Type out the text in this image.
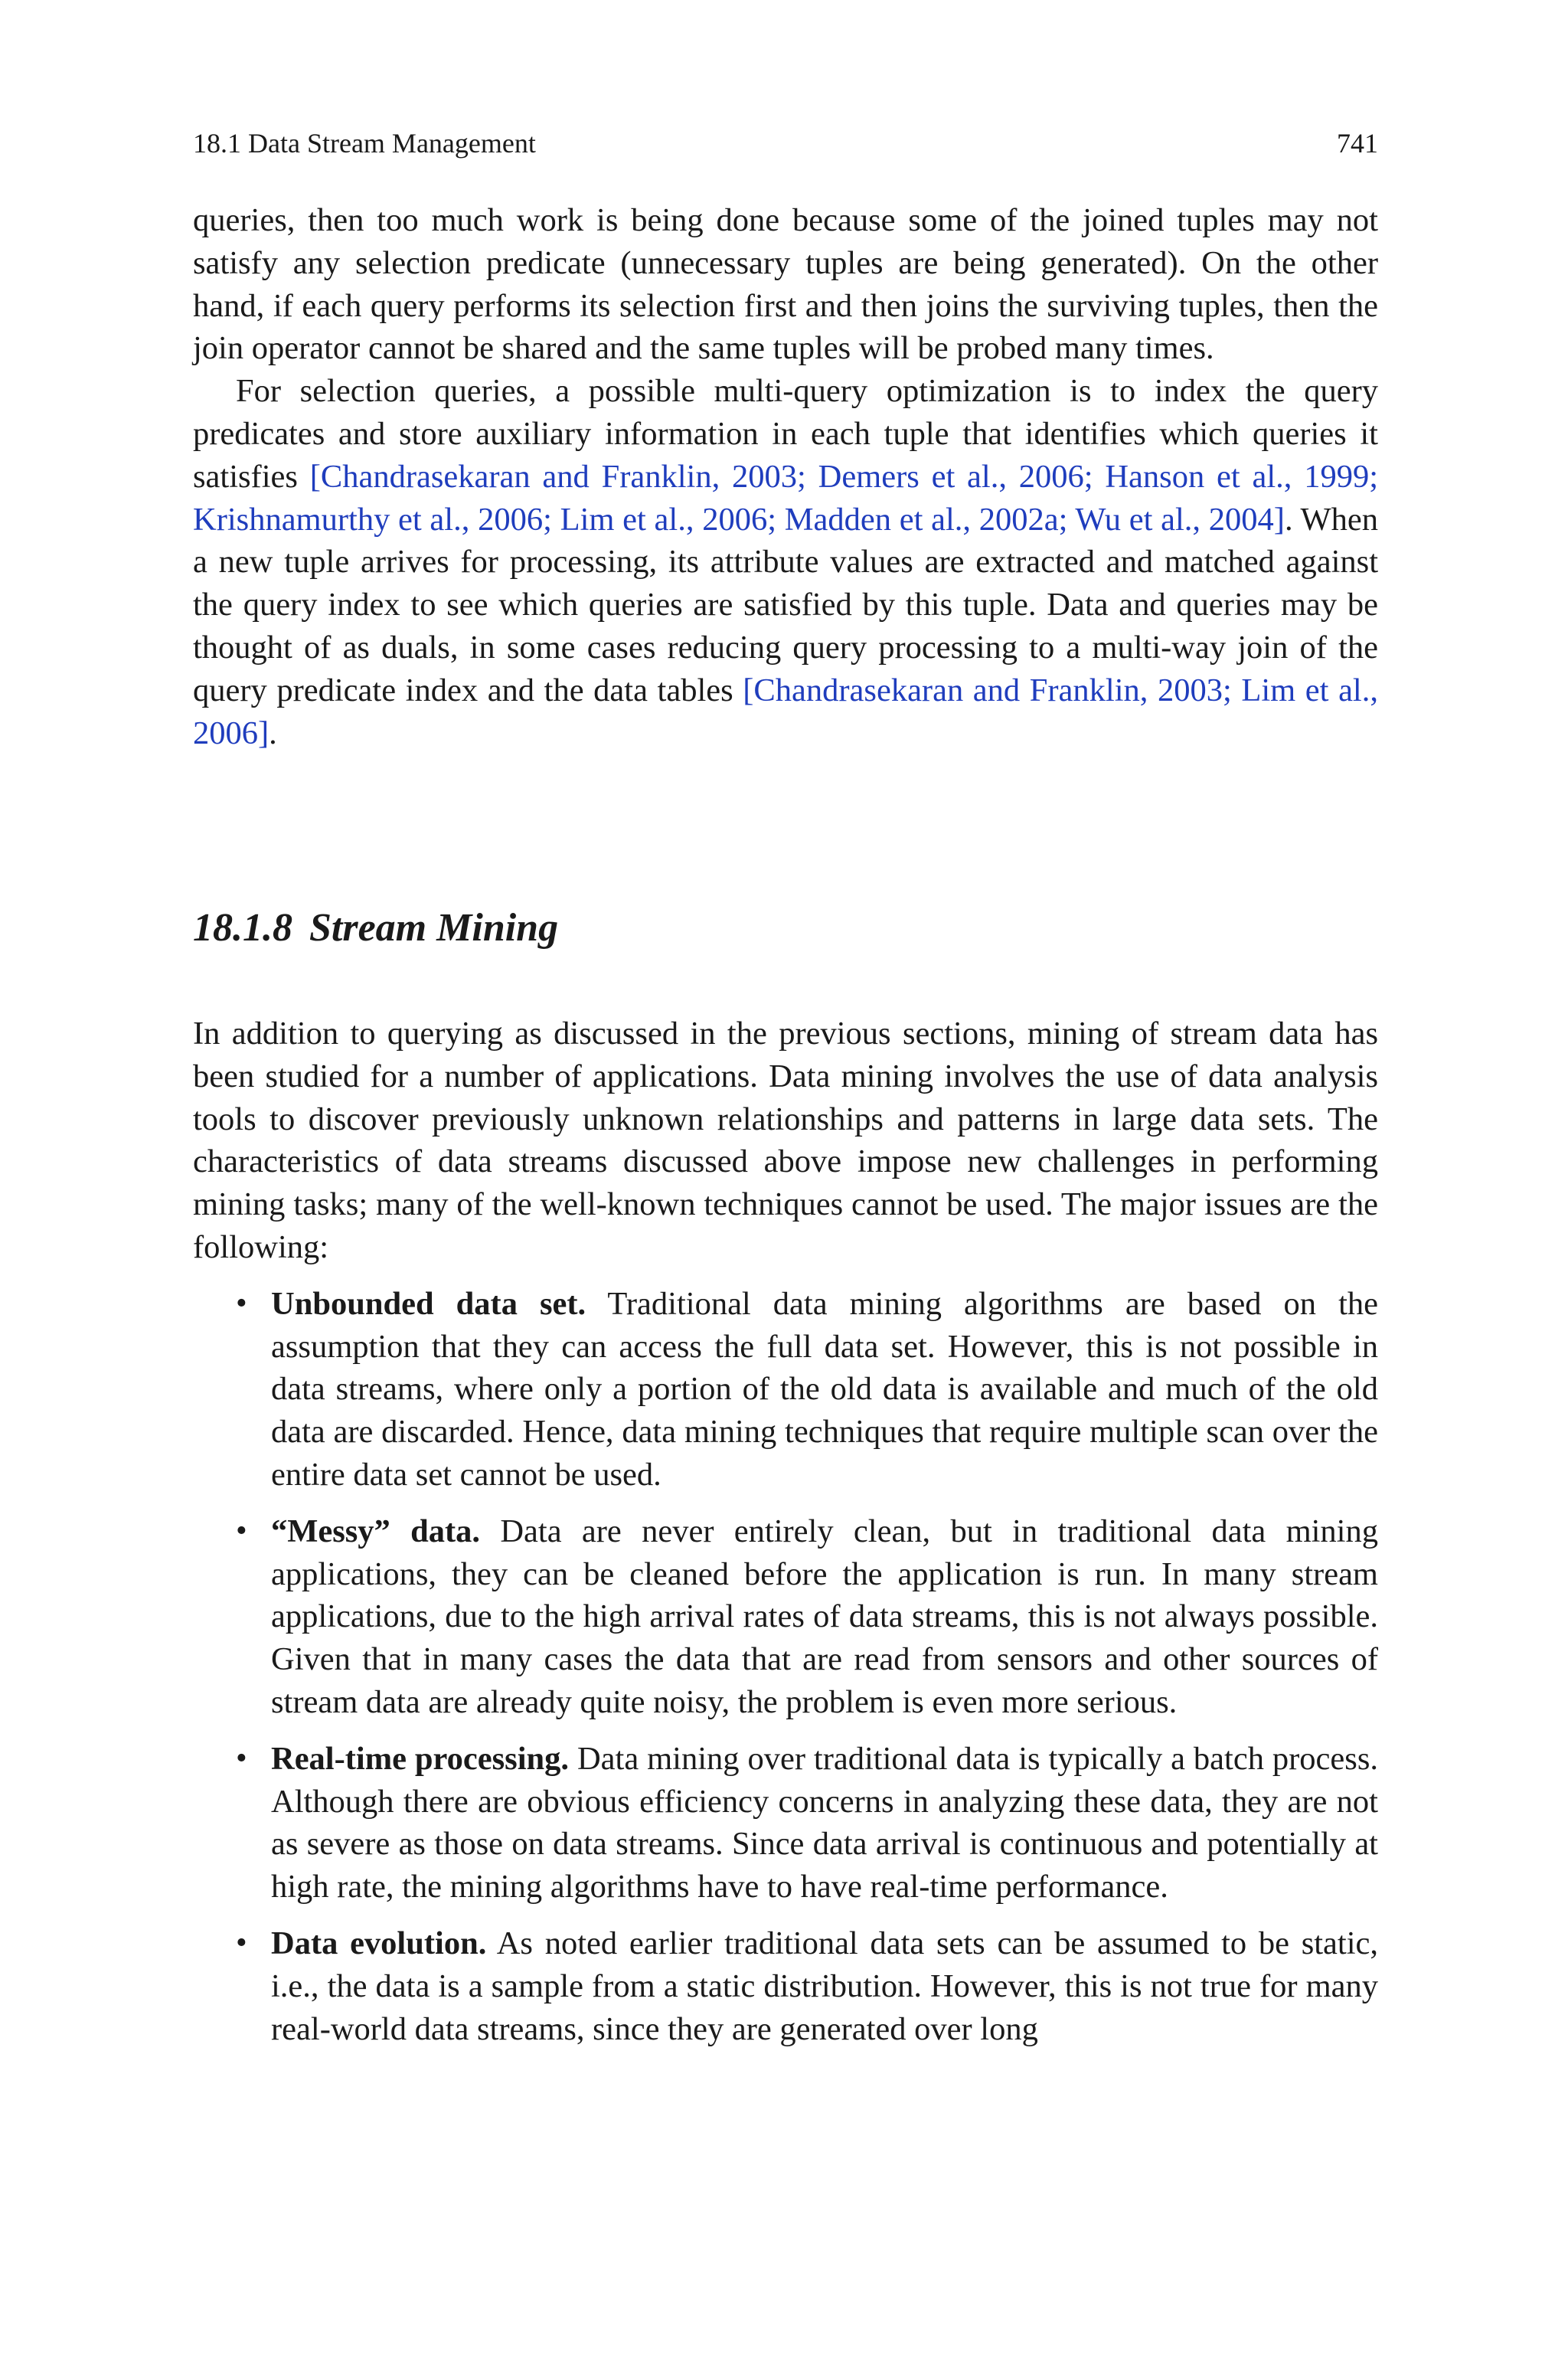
18.1 Data Stream Management	741

queries, then too much work is being done because some of the joined tuples may not satisfy any selection predicate (unnecessary tuples are being generated). On the other hand, if each query performs its selection first and then joins the surviving tuples, then the join operator cannot be shared and the same tuples will be probed many times.

For selection queries, a possible multi-query optimization is to index the query predicates and store auxiliary information in each tuple that identifies which queries it satisfies [Chandrasekaran and Franklin, 2003; Demers et al., 2006; Hanson et al., 1999; Krishnamurthy et al., 2006; Lim et al., 2006; Madden et al., 2002a; Wu et al., 2004]. When a new tuple arrives for processing, its attribute values are extracted and matched against the query index to see which queries are satisfied by this tuple. Data and queries may be thought of as duals, in some cases reducing query processing to a multi-way join of the query predicate index and the data tables [Chandrasekaran and Franklin, 2003; Lim et al., 2006].

18.1.8 Stream Mining

In addition to querying as discussed in the previous sections, mining of stream data has been studied for a number of applications. Data mining involves the use of data analysis tools to discover previously unknown relationships and patterns in large data sets. The characteristics of data streams discussed above impose new challenges in performing mining tasks; many of the well-known techniques cannot be used. The major issues are the following:

• Unbounded data set. Traditional data mining algorithms are based on the assumption that they can access the full data set. However, this is not possible in data streams, where only a portion of the old data is available and much of the old data are discarded. Hence, data mining techniques that require multiple scan over the entire data set cannot be used.
• “Messy” data. Data are never entirely clean, but in traditional data mining applications, they can be cleaned before the application is run. In many stream applications, due to the high arrival rates of data streams, this is not always possible. Given that in many cases the data that are read from sensors and other sources of stream data are already quite noisy, the problem is even more serious.
• Real-time processing. Data mining over traditional data is typically a batch process. Although there are obvious efficiency concerns in analyzing these data, they are not as severe as those on data streams. Since data arrival is continuous and potentially at high rate, the mining algorithms have to have real-time performance.
• Data evolution. As noted earlier traditional data sets can be assumed to be static, i.e., the data is a sample from a static distribution. However, this is not true for many real-world data streams, since they are generated over long
